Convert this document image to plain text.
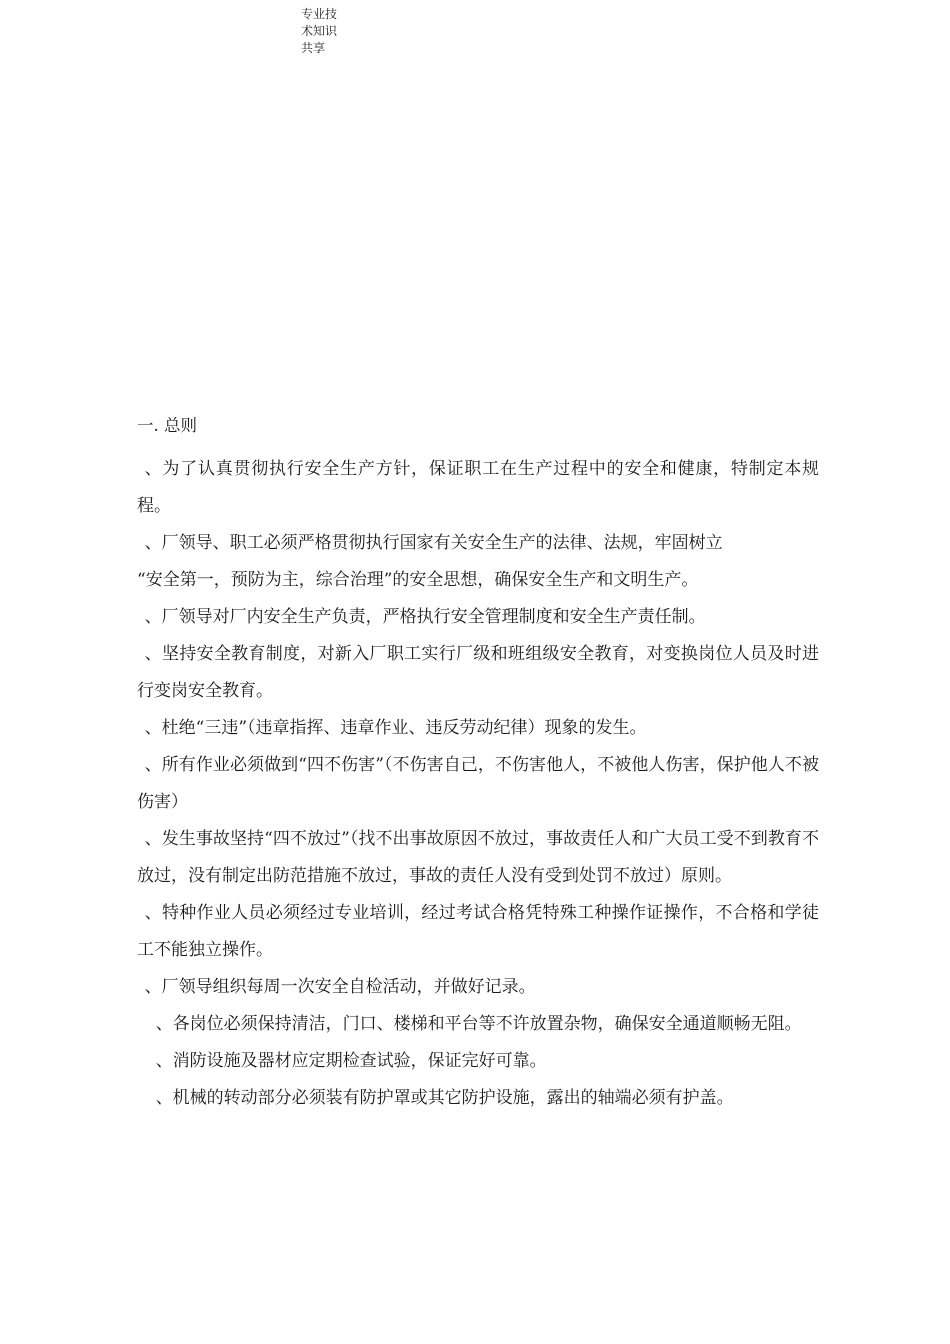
专业技
术知识
共享
一. 总则

、为了认真贯彻执行安全生产方针，保证职工在生产过程中的安全和健康，特制定本规程。

、厂领导、职工必须严格贯彻执行国家有关安全生产的法律、法规，牢固树立

“安全第一，预防为主，综合治理”的安全思想，确保安全生产和文明生产。

、厂领导对厂内安全生产负责，严格执行安全管理制度和安全生产责任制。

、坚持安全教育制度，对新入厂职工实行厂级和班组级安全教育，对变换岗位人员及时进行变岗安全教育。

、杜绝“三违”（违章指挥、违章作业、违反劳动纪律）现象的发生。

、所有作业必须做到“四不伤害”（不伤害自己，不伤害他人，不被他人伤害，保护他人不被伤害）

、发生事故坚持“四不放过”（找不出事故原因不放过，事故责任人和广大员工受不到教育不放过，没有制定出防范措施不放过，事故的责任人没有受到处罚不放过）原则。

、特种作业人员必须经过专业培训，经过考试合格凭特殊工种操作证操作，不合格和学徒工不能独立操作。

、厂领导组织每周一次安全自检活动，并做好记录。

、各岗位必须保持清洁，门口、楼梯和平台等不许放置杂物，确保安全通道顺畅无阻。

、消防设施及器材应定期检查试验，保证完好可靠。

、机械的转动部分必须装有防护罩或其它防护设施，露出的轴端必须有护盖。
